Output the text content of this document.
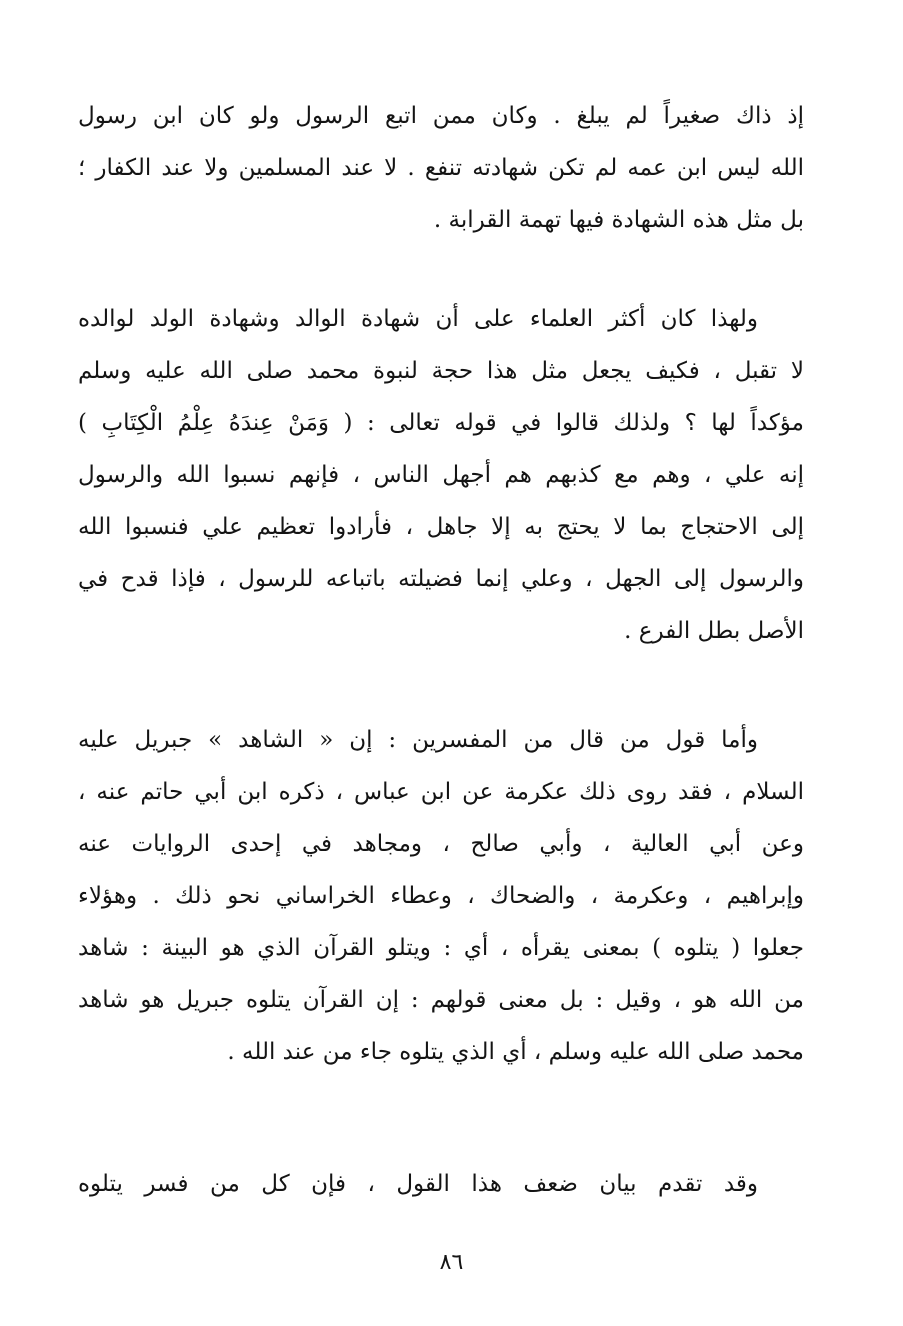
إذ ذاك صغيراً لم يبلغ . وكان ممن اتبع الرسول ولو كان ابن رسول
الله ليس ابن عمه لم تكن شهادته تنفع . لا عند المسلمين ولا عند الكفار ؛
بل مثل هذه الشهادة فيها تهمة القرابة .
ولهذا كان أكثر العلماء على أن شهادة الوالد وشهادة الولد لوالده
لا تقبل ، فكيف يجعل مثل هذا حجة لنبوة محمد صلى الله عليه وسلم
مؤكداً لها ؟ ولذلك قالوا في قوله تعالى : ( وَمَنْ عِندَهُ عِلْمُ الْكِتَابِ )
إنه علي ، وهم مع كذبهم هم أجهل الناس ، فإنهم نسبوا الله والرسول
إلى الاحتجاج بما لا يحتج به إلا جاهل ، فأرادوا تعظيم علي فنسبوا الله
والرسول إلى الجهل ، وعلي إنما فضيلته باتباعه للرسول ، فإذا قدح في
الأصل بطل الفرع .
وأما قول من قال من المفسرين : إن « الشاهد » جبريل عليه
السلام ، فقد روى ذلك عكرمة عن ابن عباس ، ذكره ابن أبي حاتم عنه ،
وعن أبي العالية ، وأبي صالح ، ومجاهد في إحدى الروايات عنه
وإبراهيم ، وعكرمة ، والضحاك ، وعطاء الخراساني نحو ذلك . وهؤلاء
جعلوا ( يتلوه ) بمعنى يقرأه ، أي : ويتلو القرآن الذي هو البينة : شاهد
من الله هو ، وقيل : بل معنى قولهم : إن القرآن يتلوه جبريل هو شاهد
محمد صلى الله عليه وسلم ، أي الذي يتلوه جاء من عند الله .
وقد تقدم بيان ضعف هذا القول ، فإن كل من فسر يتلوه
٨٦
